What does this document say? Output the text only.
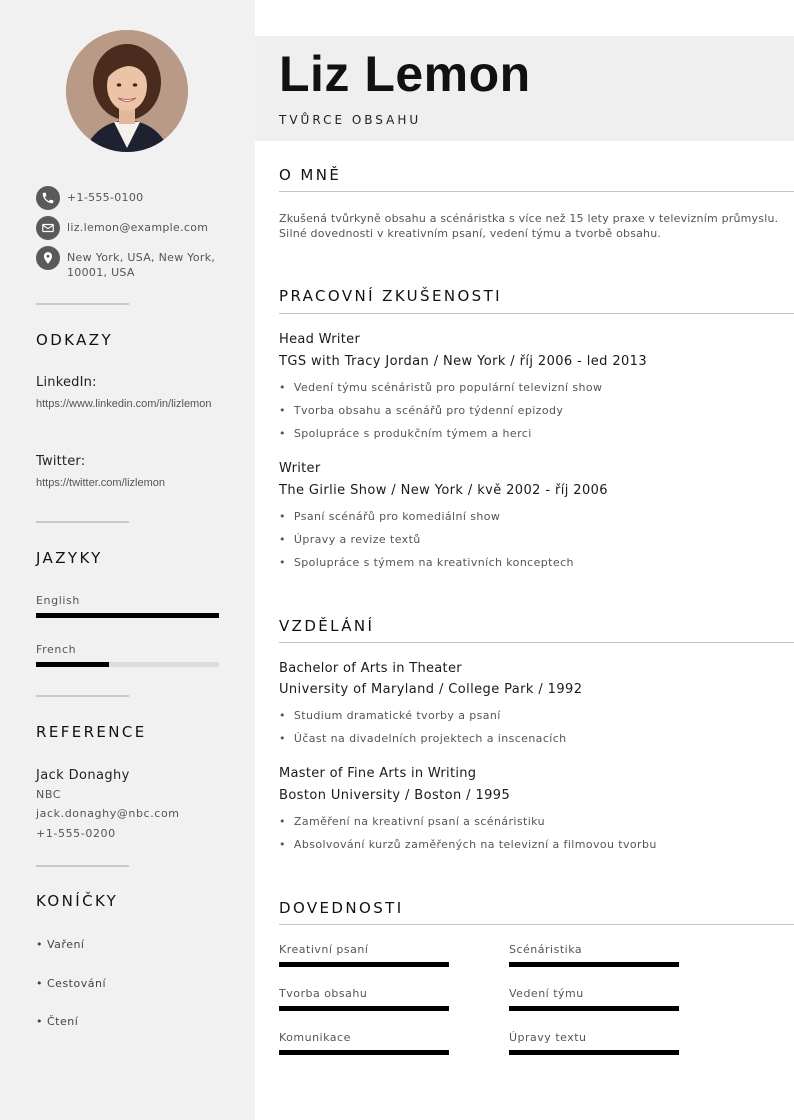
+1-555-0100
liz.lemon@example.com
New York, USA, New York, 10001, USA
ODKAZY
LinkedIn:
https://www.linkedin.com/in/lizlemon
Twitter:
https://twitter.com/lizlemon
JAZYKY
English
French
REFERENCE
Jack Donaghy
NBC
jack.donaghy@nbc.com
+1-555-0200
KONÍČKY
• Vaření
• Cestování
• Čtení
Liz Lemon
TVŮRCE OBSAHU
O MNĚ
Zkušená tvůrkyně obsahu a scénáristka s více než 15 lety praxe v televizním průmyslu. Silné dovednosti v kreativním psaní, vedení týmu a tvorbě obsahu.
PRACOVNÍ ZKUŠENOSTI
Head Writer
TGS with Tracy Jordan / New York / říj 2006 - led 2013
• Vedení týmu scénáristů pro populární televizní show
• Tvorba obsahu a scénářů pro týdenní epizody
• Spolupráce s produkčním týmem a herci
Writer
The Girlie Show / New York / kvě 2002 - říj 2006
• Psaní scénářů pro komediální show
• Úpravy a revize textů
• Spolupráce s týmem na kreativních konceptech
VZDĚLÁNÍ
Bachelor of Arts in Theater
University of Maryland / College Park / 1992
• Studium dramatické tvorby a psaní
• Účast na divadelních projektech a inscenacích
Master of Fine Arts in Writing
Boston University / Boston / 1995
• Zaměření na kreativní psaní a scénáristiku
• Absolvování kurzů zaměřených na televizní a filmovou tvorbu
DOVEDNOSTI
Kreativní psaní	Scénáristika
Tvorba obsahu	Vedení týmu
Komunikace	Úpravy textu
